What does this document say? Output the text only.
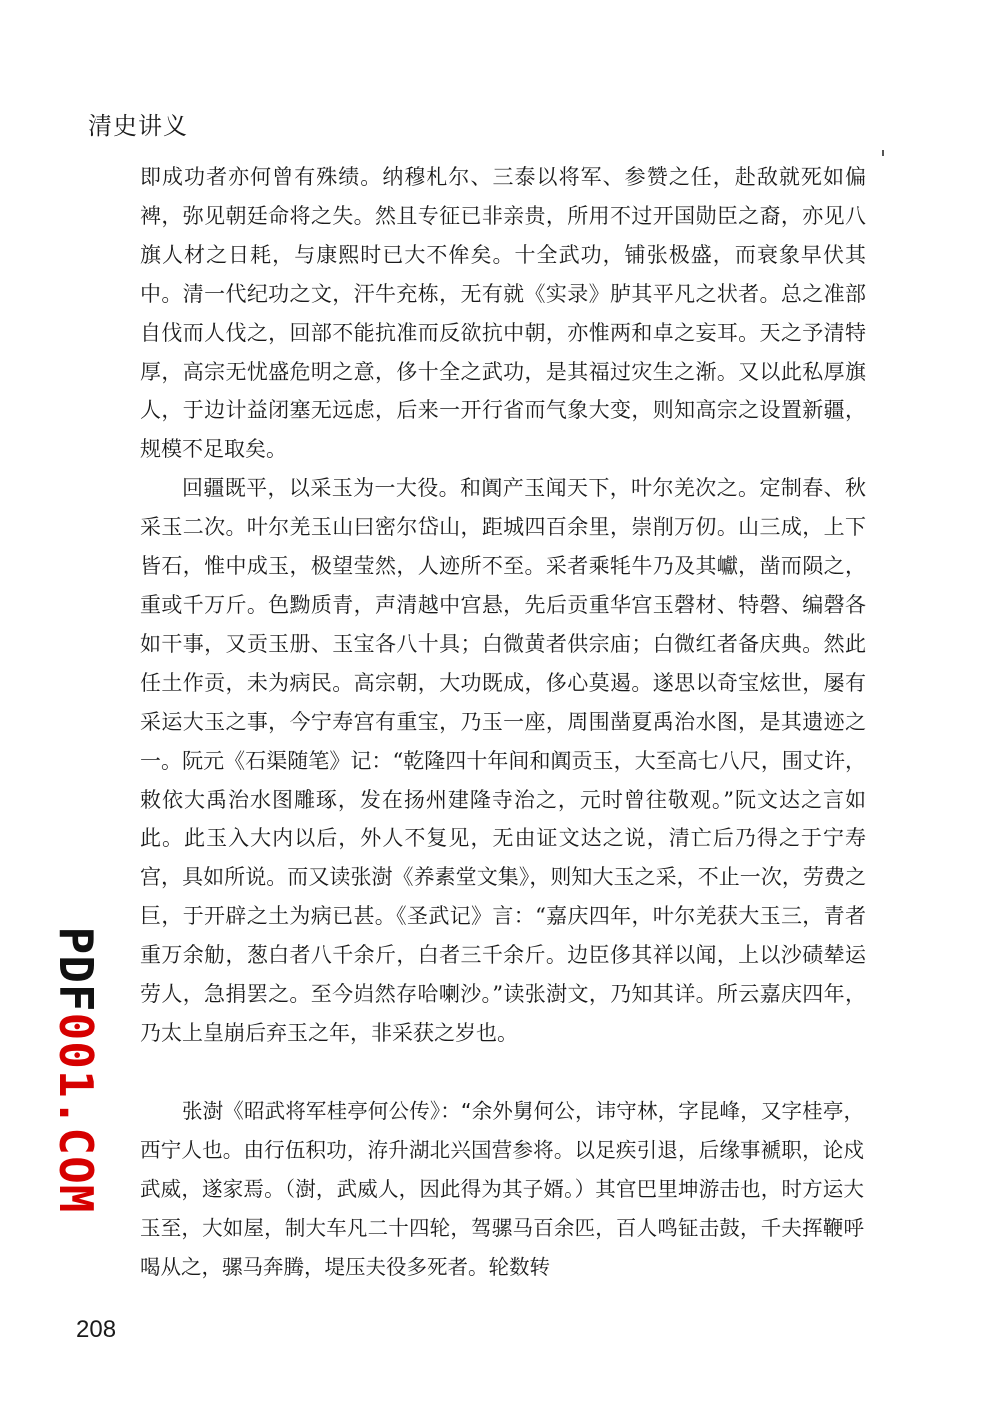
清史讲义

即成功者亦何曾有殊绩。纳穆札尔、三泰以将军、参赞之任，赴敌就死如偏裨，弥见朝廷命将之失。然且专征已非亲贵，所用不过开国勋臣之裔，亦见八旗人材之日耗，与康熙时已大不侔矣。十全武功，铺张极盛，而衰象早伏其中。清一代纪功之文，汗牛充栋，无有就《实录》胪其平凡之状者。总之准部自伐而人伐之，回部不能抗准而反欲抗中朝，亦惟两和卓之妄耳。天之予清特厚，高宗无忧盛危明之意，侈十全之武功，是其福过灾生之渐。又以此私厚旗人，于边计益闭塞无远虑，后来一开行省而气象大变，则知高宗之设置新疆，规模不足取矣。

回疆既平，以采玉为一大役。和阗产玉闻天下，叶尔羌次之。定制春、秋采玉二次。叶尔羌玉山曰密尔岱山，距城四百余里，崇削万仞。山三成，上下皆石，惟中成玉，极望莹然，人迹所不至。采者乘牦牛乃及其巘，凿而陨之，重或千万斤。色黝质青，声清越中宫悬，先后贡重华宫玉磬材、特磬、编磬各如干事，又贡玉册、玉宝各八十具；白微黄者供宗庙；白微红者备庆典。然此任土作贡，未为病民。高宗朝，大功既成，侈心莫遏。遂思以奇宝炫世，屡有采运大玉之事，今宁寿宫有重宝，乃玉一座，周围凿夏禹治水图，是其遗迹之一。阮元《石渠随笔》记：“乾隆四十年间和阗贡玉，大至高七八尺，围丈许，敕依大禹治水图雕琢，发在扬州建隆寺治之，元时曾往敬观。”阮文达之言如此。此玉入大内以后，外人不复见，无由证文达之说，清亡后乃得之于宁寿宫，具如所说。而又读张澍《养素堂文集》，则知大玉之采，不止一次，劳费之巨，于开辟之土为病已甚。《圣武记》言：“嘉庆四年，叶尔羌获大玉三，青者重万余觔，葱白者八千余斤，白者三千余斤。边臣侈其祥以闻，上以沙碛辇运劳人，急捐罢之。至今岿然存哈喇沙。”读张澍文，乃知其详。所云嘉庆四年，乃太上皇崩后弃玉之年，非采获之岁也。

张澍《昭武将军桂亭何公传》：“余外舅何公，讳守林，字昆峰，又字桂亭，西宁人也。由行伍积功，洊升湖北兴国营参将。以足疾引退，后缘事褫职，论戍武威，遂家焉。（澍，武威人，因此得为其子婿。）其官巴里坤游击也，时方运大玉至，大如屋，制大车凡二十四轮，驾骡马百余匹，百人鸣钲击鼓，千夫挥鞭呼喝从之，骡马奔腾，堤压夫役多死者。轮数转

PDF001.COM
208
